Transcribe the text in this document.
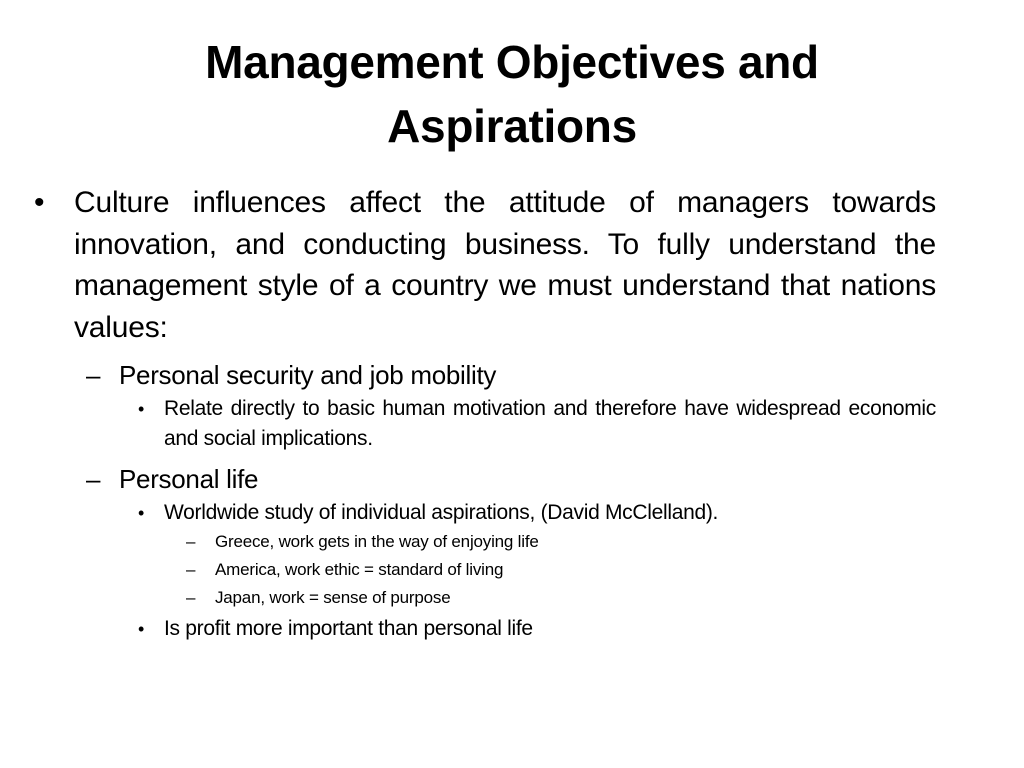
Management Objectives and Aspirations
• Culture influences affect the attitude of managers towards innovation, and conducting business. To fully understand the management style of a country we must understand that nations values:
– Personal security and job mobility
• Relate directly to basic human motivation and therefore have widespread economic and social implications.
– Personal life
• Worldwide study of individual aspirations, (David McClelland).
– Greece, work gets in the way of enjoying life
– America, work ethic = standard of living
– Japan, work = sense of purpose
• Is profit more important than personal life
